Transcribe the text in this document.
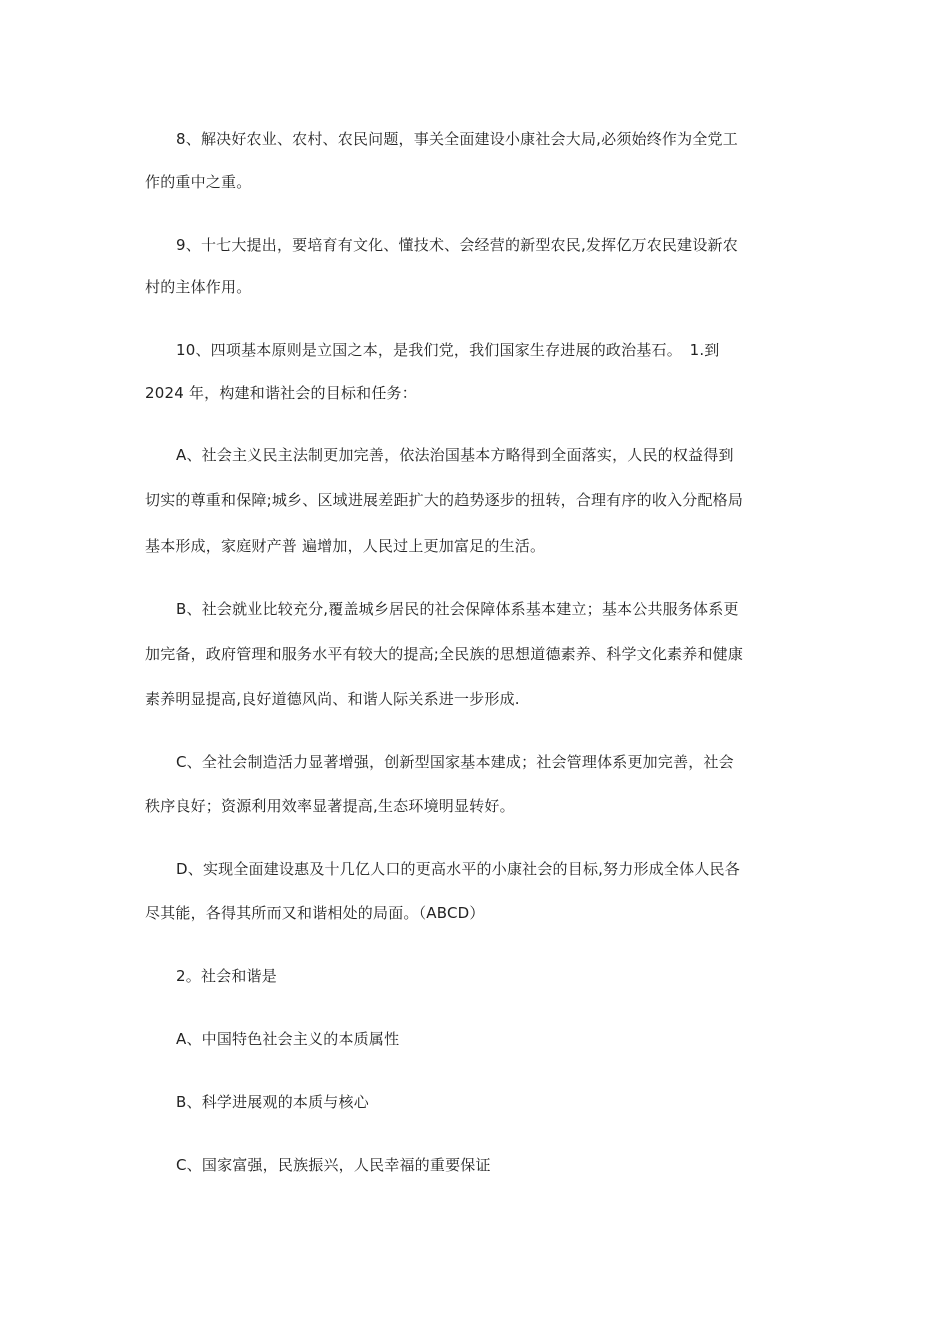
8、解决好农业、农村、农民问题，事关全面建设小康社会大局,必须始终作为全党工
作的重中之重。
9、十七大提出，要培育有文化、懂技术、会经营的新型农民,发挥亿万农民建设新农
村的主体作用。
10、四项基本原则是立国之本，是我们党，我们国家生存进展的政治基石。　1.到
2024 年，构建和谐社会的目标和任务：
A、社会主义民主法制更加完善，依法治国基本方略得到全面落实，人民的权益得到
切实的尊重和保障;城乡、区域进展差距扩大的趋势逐步的扭转，合理有序的收入分配格局
基本形成，家庭财产普 遍增加，人民过上更加富足的生活。
B、社会就业比较充分,覆盖城乡居民的社会保障体系基本建立；基本公共服务体系更
加完备，政府管理和服务水平有较大的提高;全民族的思想道德素养、科学文化素养和健康
素养明显提高,良好道德风尚、和谐人际关系进一步形成.
C、全社会制造活力显著增强，创新型国家基本建成；社会管理体系更加完善，社会
秩序良好；资源利用效率显著提高,生态环境明显转好。
D、实现全面建设惠及十几亿人口的更高水平的小康社会的目标,努力形成全体人民各
尽其能，各得其所而又和谐相处的局面。（ABCD）
2。社会和谐是
A、中国特色社会主义的本质属性
B、科学进展观的本质与核心
C、国家富强，民族振兴，人民幸福的重要保证
